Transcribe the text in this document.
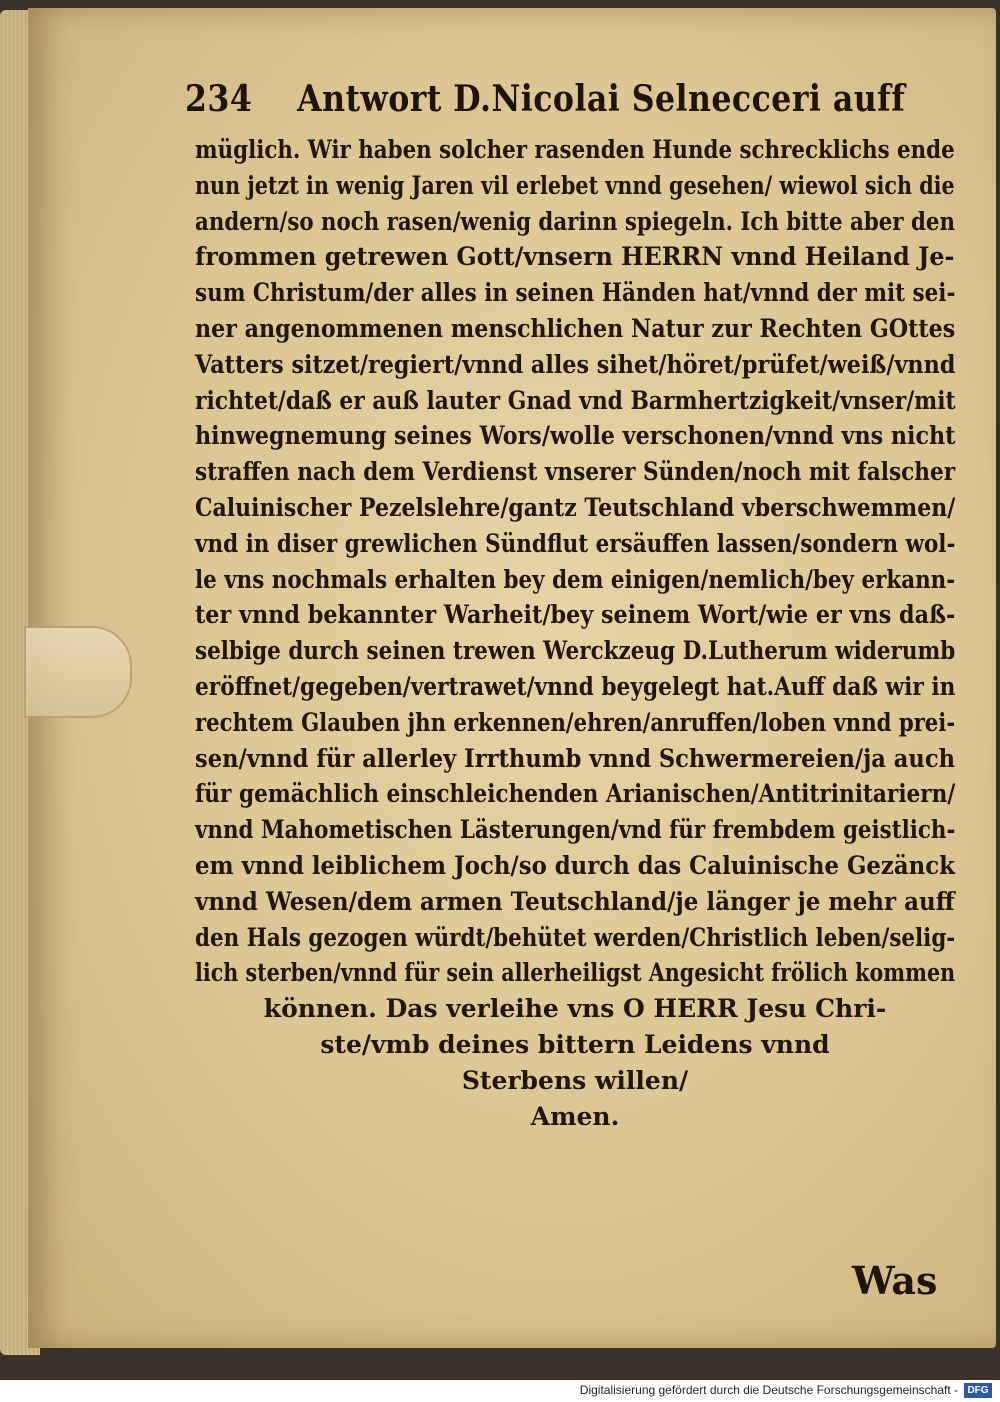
234 Antwort D.Nicolai Selnecceri auff
müglich. Wir haben solcher rasenden Hunde schrecklichs ende
nun jetzt in wenig Jaren vil erlebet vnnd gesehen/ wiewol sich die
andern/so noch rasen/wenig darinn spiegeln. Ich bitte aber den
frommen getrewen Gott/vnsern HERRN vnnd Heiland Je-
sum Christum/der alles in seinen Händen hat/vnnd der mit sei-
ner angenommenen menschlichen Natur zur Rechten GOttes
Vatters sitzet/regiert/vnnd alles sihet/höret/prüfet/weiß/vnnd
richtet/daß er auß lauter Gnad vnd Barmhertzigkeit/vnser/mit
hinwegnemung seines Wors/wolle verschonen/vnnd vns nicht
straffen nach dem Verdienst vnserer Sünden/noch mit falscher
Caluinischer Pezelslehre/gantz Teutschland vberschwemmen/
vnd in diser grewlichen Sündflut ersäuffen lassen/sondern wol-
le vns nochmals erhalten bey dem einigen/nemlich/bey erkann-
ter vnnd bekannter Warheit/bey seinem Wort/wie er vns daß-
selbige durch seinen trewen Werckzeug D.Lutherum widerumb
eröffnet/gegeben/vertrawet/vnnd beygelegt hat.Auff daß wir in
rechtem Glauben jhn erkennen/ehren/anruffen/loben vnnd prei-
sen/vnnd für allerley Irrthumb vnnd Schwermereien/ja auch
für gemächlich einschleichenden Arianischen/Antitrinitariern/
vnnd Mahometischen Lästerungen/vnd für frembdem geistlich-
em vnnd leiblichem Joch/so durch das Caluinische Gezänck
vnnd Wesen/dem armen Teutschland/je länger je mehr auff
den Hals gezogen würdt/behütet werden/Christlich leben/selig-
lich sterben/vnnd für sein allerheiligst Angesicht frölich kommen
können. Das verleihe vns O HERR Jesu Chri-
ste/vmb deines bittern Leidens vnnd
Sterbens willen/
Amen.
Was
Digitalisierung gefördert durch die Deutsche Forschungsgemeinschaft - DFG
